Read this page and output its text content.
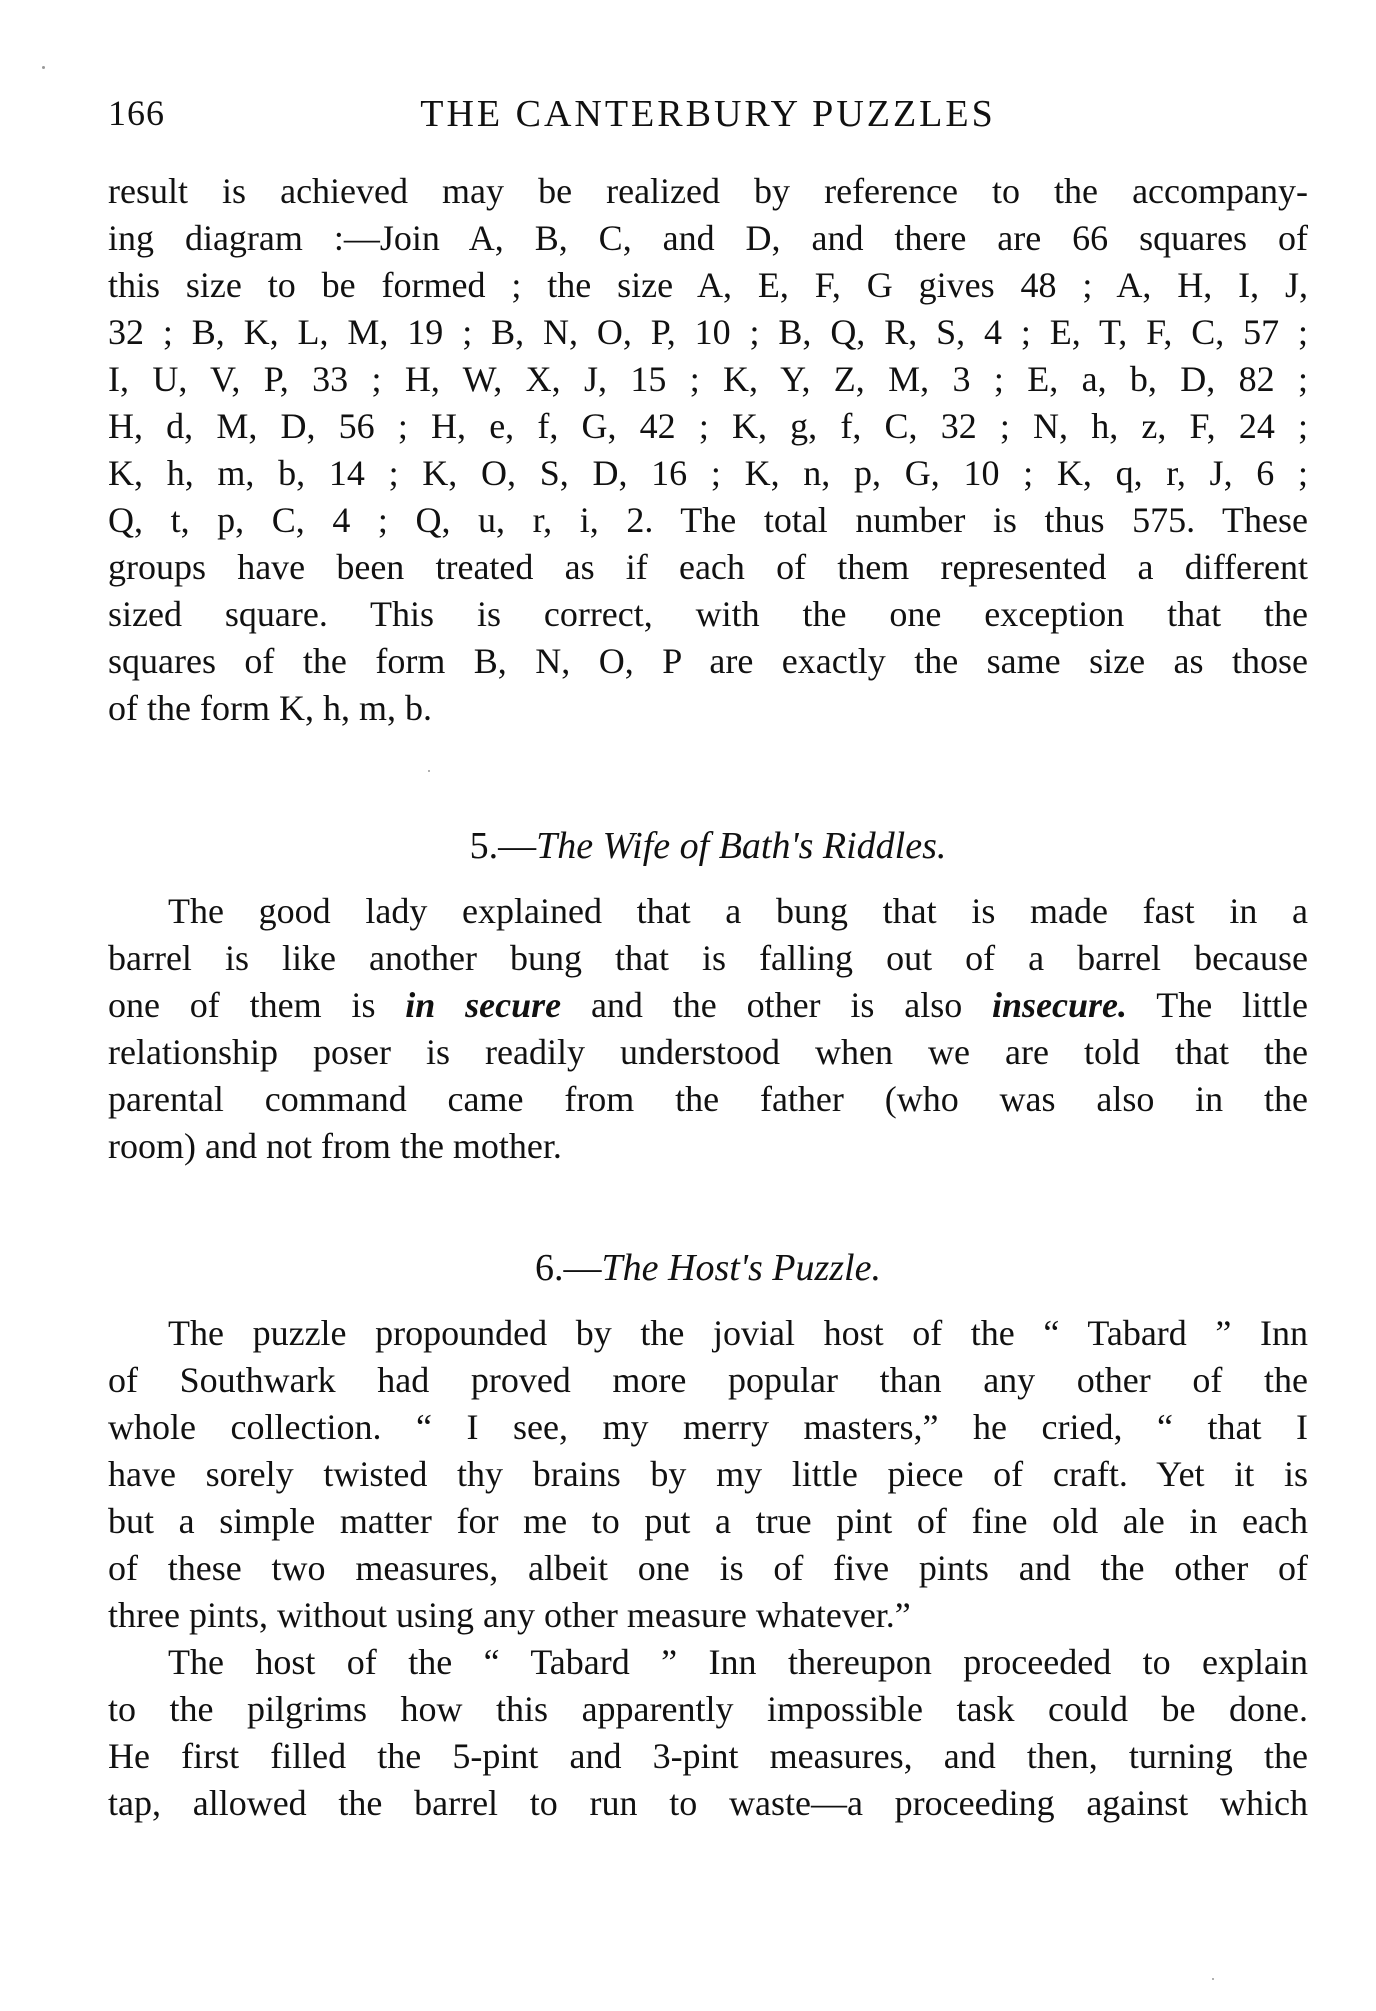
166	THE CANTERBURY PUZZLES
result is achieved may be realized by reference to the accompany-
ing diagram :—Join A, B, C, and D, and there are 66 squares of
this size to be formed ; the size A, E, F, G gives 48 ; A, H, I, J,
32 ; B, K, L, M, 19 ; B, N, O, P, 10 ; B, Q, R, S, 4 ; E, T, F, C, 57 ;
I, U, V, P, 33 ; H, W, X, J, 15 ; K, Y, Z, M, 3 ; E, a, b, D, 82 ;
H, d, M, D, 56 ; H, e, f, G, 42 ; K, g, f, C, 32 ; N, h, z, F, 24 ;
K, h, m, b, 14 ; K, O, S, D, 16 ; K, n, p, G, 10 ; K, q, r, J, 6 ;
Q, t, p, C, 4 ; Q, u, r, i, 2. The total number is thus 575. These
groups have been treated as if each of them represented a different
sized square. This is correct, with the one exception that the
squares of the form B, N, O, P are exactly the same size as those
of the form K, h, m, b.
5.—The Wife of Bath's Riddles.
The good lady explained that a bung that is made fast in a
barrel is like another bung that is falling out of a barrel because
one of them is in secure and the other is also insecure. The little
relationship poser is readily understood when we are told that the
parental command came from the father (who was also in the
room) and not from the mother.
6.—The Host's Puzzle.
The puzzle propounded by the jovial host of the “ Tabard ” Inn
of Southwark had proved more popular than any other of the
whole collection. “ I see, my merry masters,” he cried, “ that I
have sorely twisted thy brains by my little piece of craft. Yet it is
but a simple matter for me to put a true pint of fine old ale in each
of these two measures, albeit one is of five pints and the other of
three pints, without using any other measure whatever.”
The host of the “ Tabard ” Inn thereupon proceeded to explain
to the pilgrims how this apparently impossible task could be done.
He first filled the 5-pint and 3-pint measures, and then, turning the
tap, allowed the barrel to run to waste—a proceeding against which
